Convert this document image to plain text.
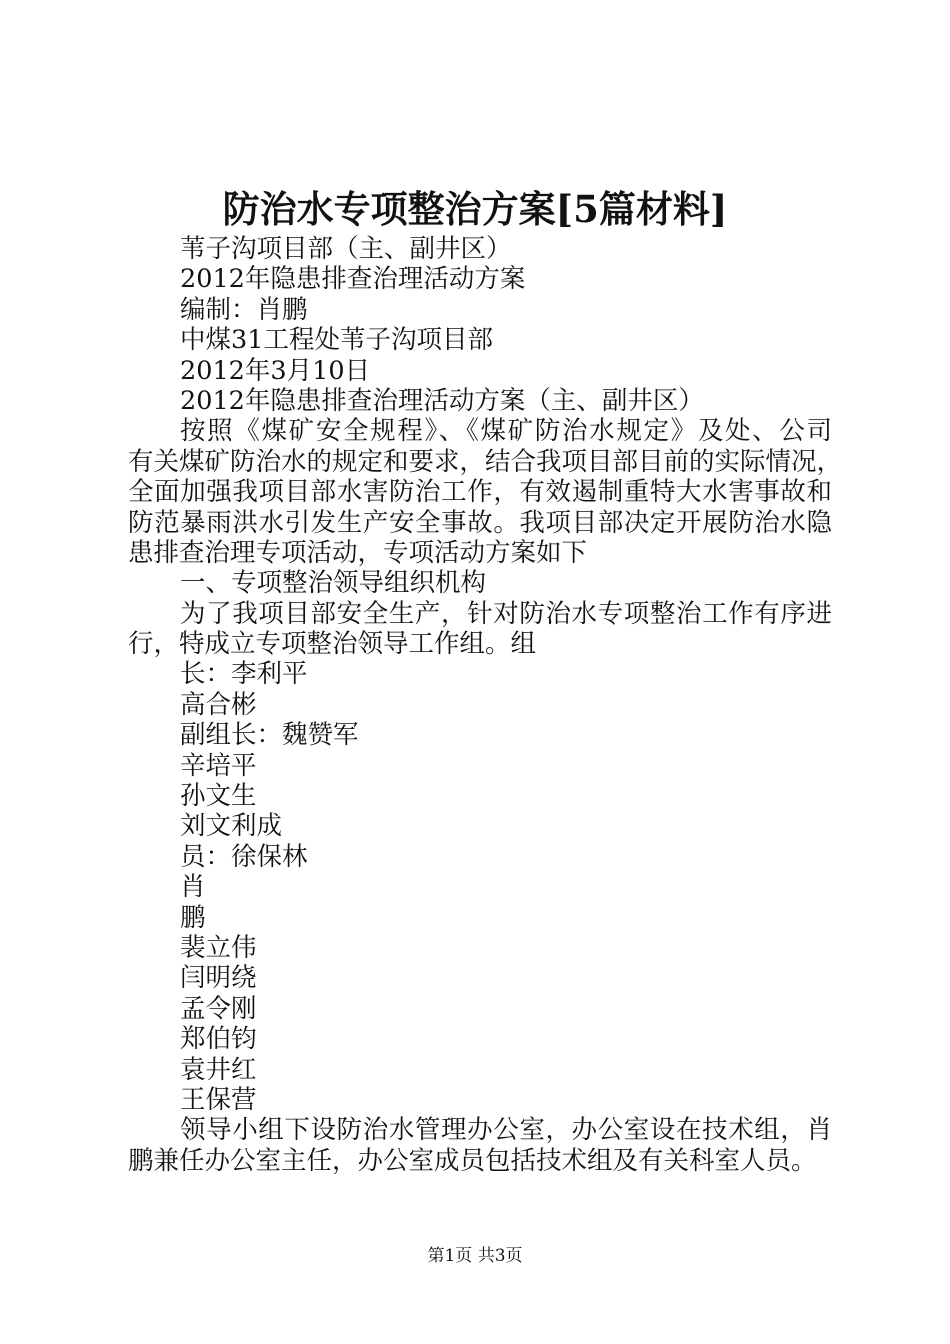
防治水专项整治方案[5篇材料]
苇子沟项目部（主、副井区）
2012年隐患排查治理活动方案
编制：肖鹏
中煤31工程处苇子沟项目部
2012年3月10日
2012年隐患排查治理活动方案（主、副井区）
按照《煤矿安全规程》、《煤矿防治水规定》及处、公司
有关煤矿防治水的规定和要求，结合我项目部目前的实际情况，
全面加强我项目部水害防治工作，有效遏制重特大水害事故和
防范暴雨洪水引发生产安全事故。我项目部决定开展防治水隐
患排查治理专项活动，专项活动方案如下
一、专项整治领导组织机构
为了我项目部安全生产，针对防治水专项整治工作有序进
行，特成立专项整治领导工作组。组
长：李利平
高合彬
副组长：魏赞军
辛培平
孙文生
刘文利成
员：徐保林
肖
鹏
裴立伟
闫明绕
孟令刚
郑伯钧
袁井红
王保营
领导小组下设防治水管理办公室，办公室设在技术组，肖
鹏兼任办公室主任，办公室成员包括技术组及有关科室人员。
第1页 共3页
